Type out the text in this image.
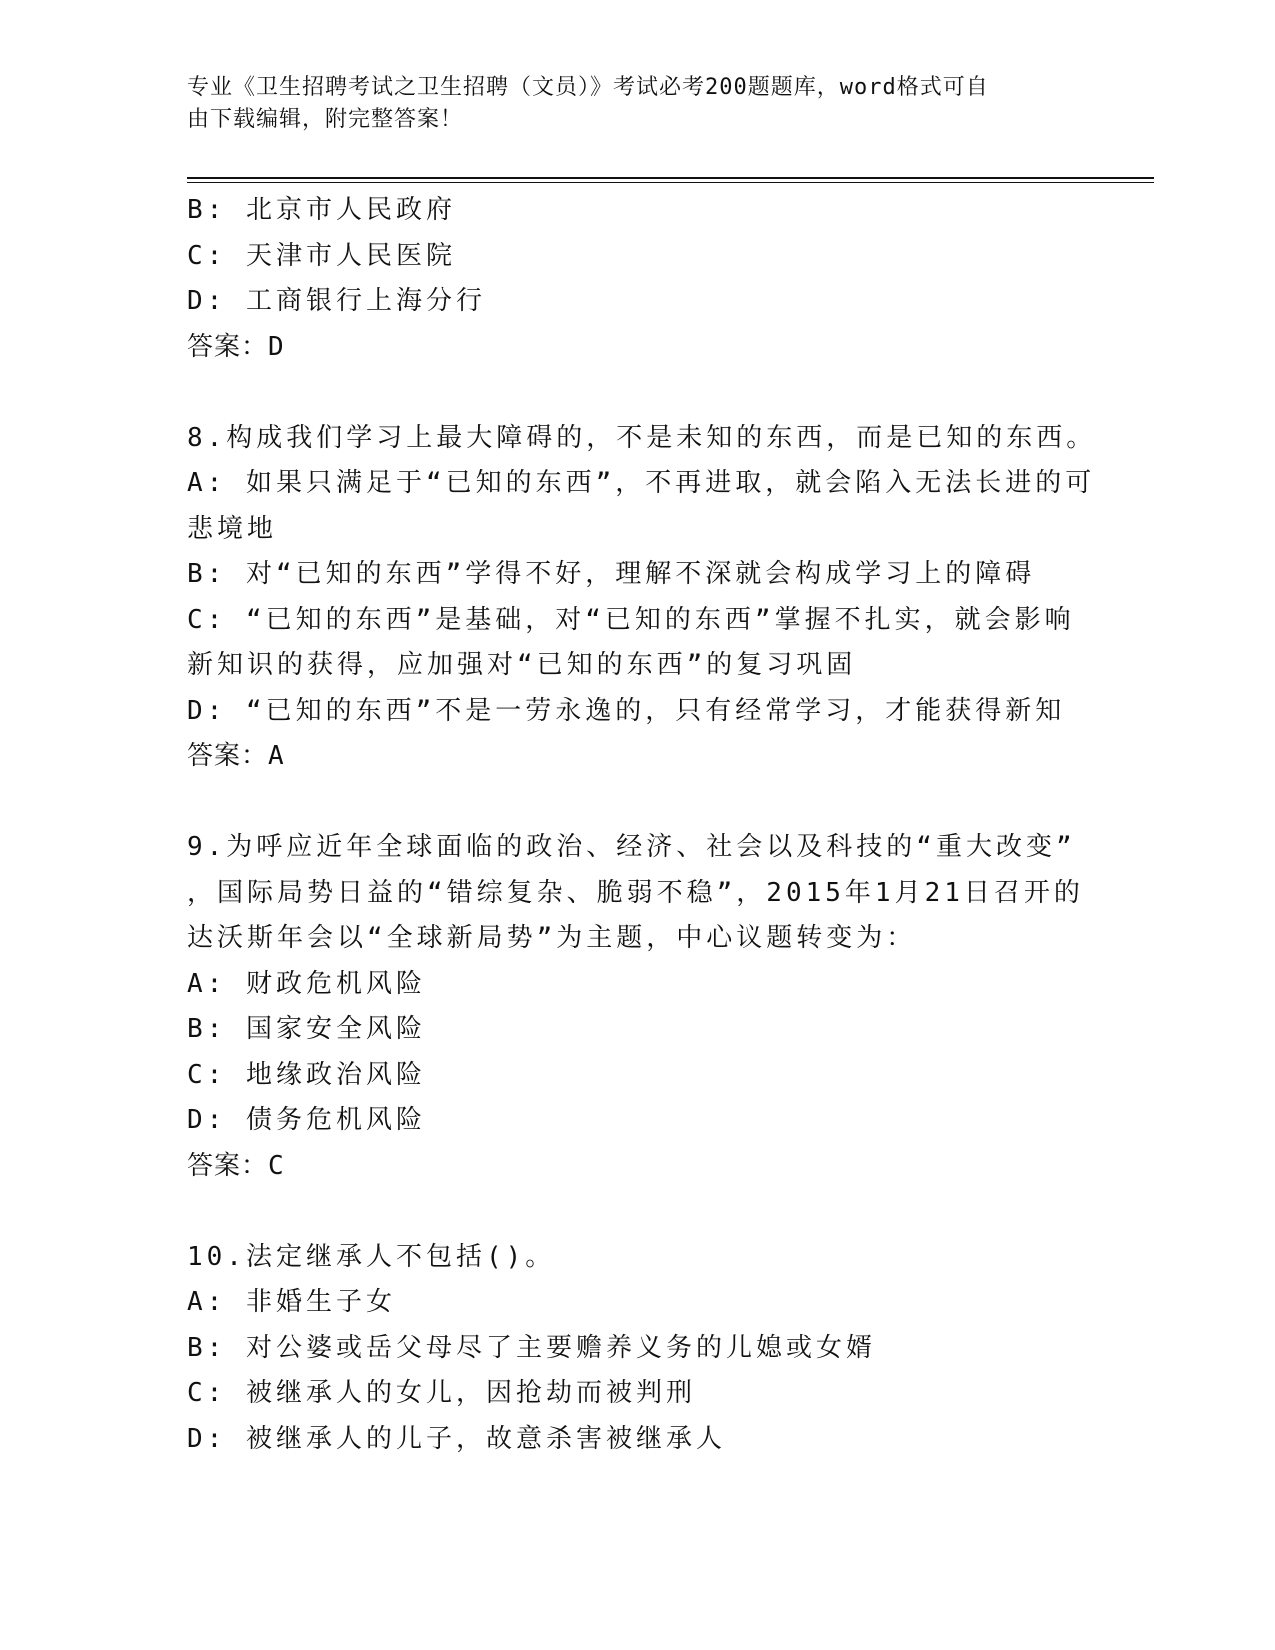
专业《卫生招聘考试之卫生招聘（文员）》考试必考200题题库，word格式可自
由下载编辑，附完整答案！
B: 北京市人民政府
C: 天津市人民医院
D: 工商银行上海分行
答案：D
8.构成我们学习上最大障碍的，不是未知的东西，而是已知的东西。
A: 如果只满足于“已知的东西”，不再进取，就会陷入无法长进的可
悲境地
B: 对“已知的东西”学得不好，理解不深就会构成学习上的障碍
C: “已知的东西”是基础，对“已知的东西”掌握不扎实，就会影响
新知识的获得，应加强对“已知的东西”的复习巩固
D: “已知的东西”不是一劳永逸的，只有经常学习，才能获得新知
答案：A
9.为呼应近年全球面临的政治、经济、社会以及科技的“重大改变”
，国际局势日益的“错综复杂、脆弱不稳”，2015年1月21日召开的
达沃斯年会以“全球新局势”为主题，中心议题转变为：
A: 财政危机风险
B: 国家安全风险
C: 地缘政治风险
D: 债务危机风险
答案：C
10.法定继承人不包括()。
A: 非婚生子女
B: 对公婆或岳父母尽了主要赡养义务的儿媳或女婿
C: 被继承人的女儿，因抢劫而被判刑
D: 被继承人的儿子，故意杀害被继承人
